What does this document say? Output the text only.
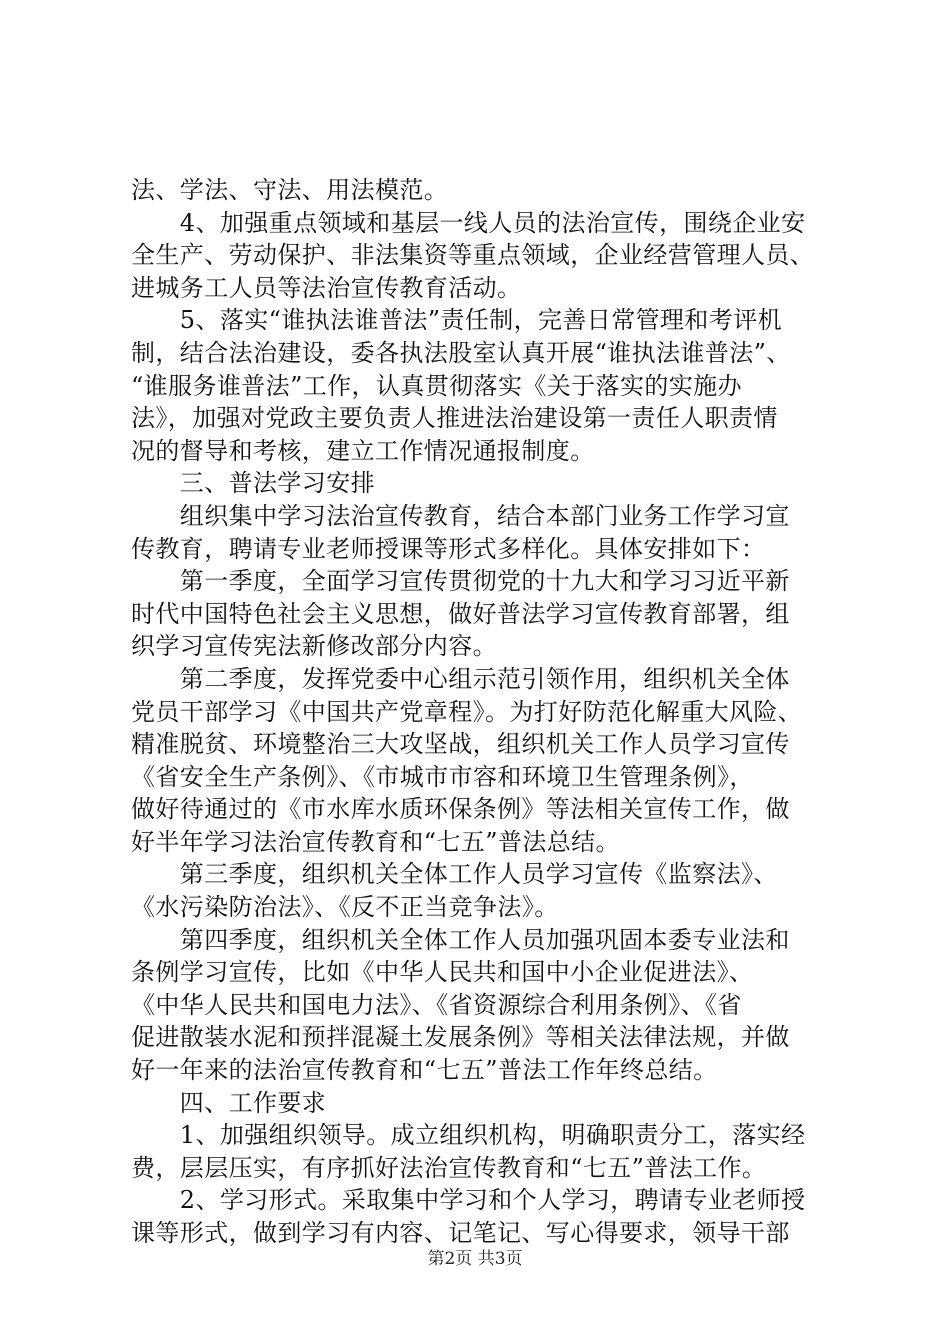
法、学法、守法、用法模范。
　　4、加强重点领域和基层一线人员的法治宣传，围绕企业安
全生产、劳动保护、非法集资等重点领域，企业经营管理人员、
进城务工人员等法治宣传教育活动。
　　5、落实“谁执法谁普法”责任制，完善日常管理和考评机
制，结合法治建设，委各执法股室认真开展“谁执法谁普法”、
“谁服务谁普法”工作，认真贯彻落实《关于落实的实施办
法》，加强对党政主要负责人推进法治建设第一责任人职责情
况的督导和考核，建立工作情况通报制度。
　　三、普法学习安排
　　组织集中学习法治宣传教育，结合本部门业务工作学习宣
传教育，聘请专业老师授课等形式多样化。具体安排如下：
　　第一季度，全面学习宣传贯彻党的十九大和学习习近平新
时代中国特色社会主义思想，做好普法学习宣传教育部署，组
织学习宣传宪法新修改部分内容。
　　第二季度，发挥党委中心组示范引领作用，组织机关全体
党员干部学习《中国共产党章程》。为打好防范化解重大风险、
精准脱贫、环境整治三大攻坚战，组织机关工作人员学习宣传
《省安全生产条例》、《市城市市容和环境卫生管理条例》，
做好待通过的《市水库水质环保条例》等法相关宣传工作，做
好半年学习法治宣传教育和“七五”普法总结。
　　第三季度，组织机关全体工作人员学习宣传《监察法》、
《水污染防治法》、《反不正当竞争法》。
　　第四季度，组织机关全体工作人员加强巩固本委专业法和
条例学习宣传，比如《中华人民共和国中小企业促进法》、
《中华人民共和国电力法》、《省资源综合利用条例》、《省
促进散装水泥和预拌混凝土发展条例》等相关法律法规，并做
好一年来的法治宣传教育和“七五”普法工作年终总结。
　　四、工作要求
　　1、加强组织领导。成立组织机构，明确职责分工，落实经
费，层层压实，有序抓好法治宣传教育和“七五”普法工作。
　　2、学习形式。采取集中学习和个人学习，聘请专业老师授
课等形式，做到学习有内容、记笔记、写心得要求，领导干部
第2页 共3页
